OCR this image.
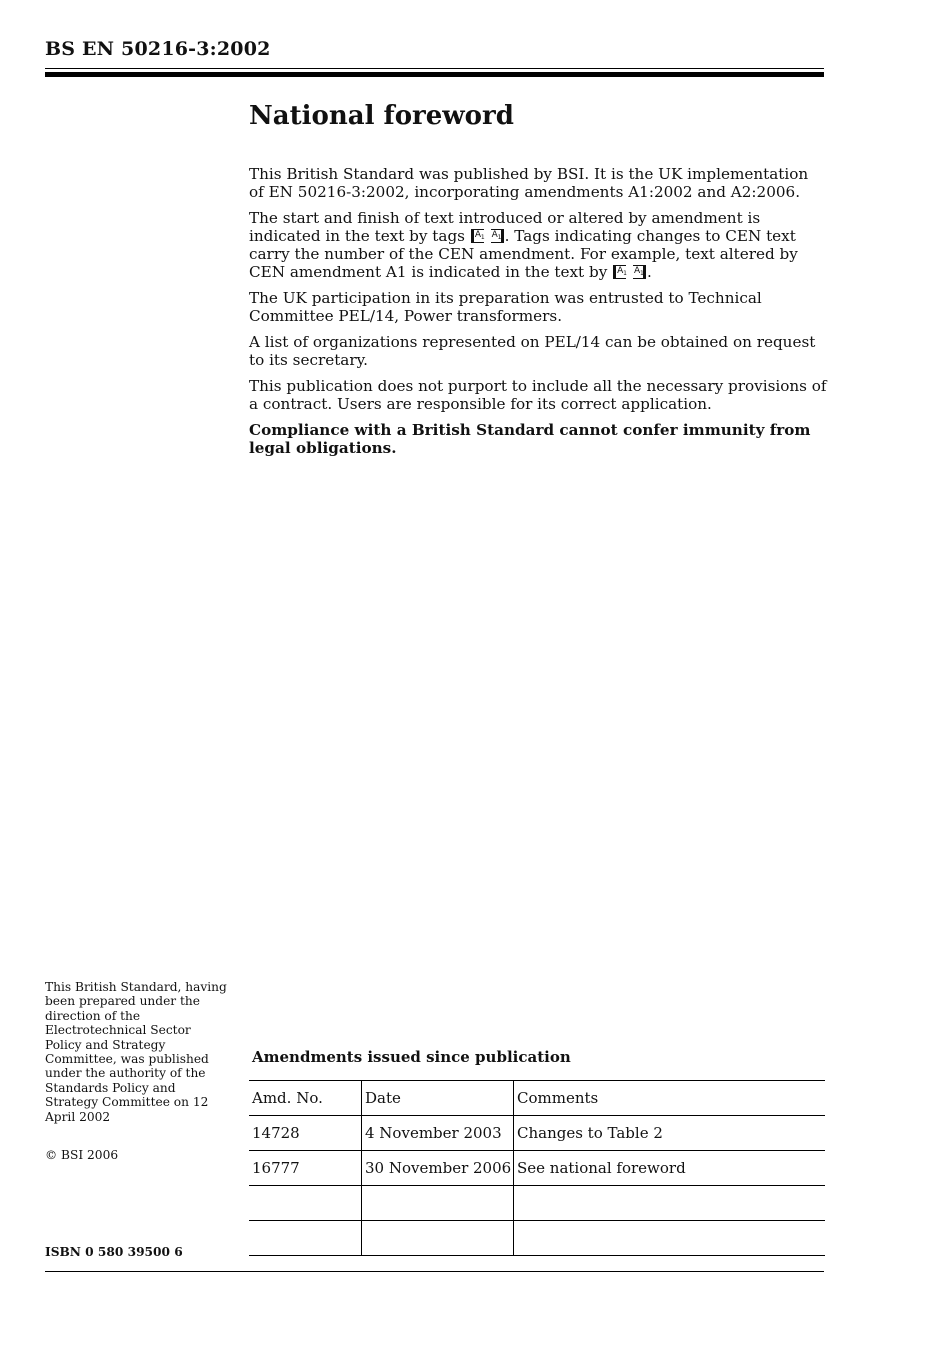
BS EN 50216-3:2002
National foreword

This British Standard was published by BSI. It is the UK implementation of EN 50216-3:2002, incorporating amendments A1:2002 and A2:2006.

The start and finish of text introduced or altered by amendment is indicated in the text by tags A 1
A 1 . Tags indicating changes to CEN text carry the number of the CEN amendment. For example, text altered by CEN amendment A1 is indicated in the text by A 1
A 1 .

The UK participation in its preparation was entrusted to Technical Committee PEL/14, Power transformers.

A list of organizations represented on PEL/14 can be obtained on request to its secretary.

This publication does not purport to include all the necessary provisions of a contract. Users are responsible for its correct application.

Compliance with a British Standard cannot confer immunity from legal obligations.

This British Standard, having been prepared under the direction of the Electrotechnical Sector Policy and Strategy Committee, was published under the authority of the Standards Policy and Strategy Committee on 12 April 2002
© BSI 2006
ISBN 0 580 39500 6
Amendments issued since publication
Amd. No.	Date	Comments
14728	4 November 2003	Changes to Table 2
16777	30 November 2006	See national foreword
